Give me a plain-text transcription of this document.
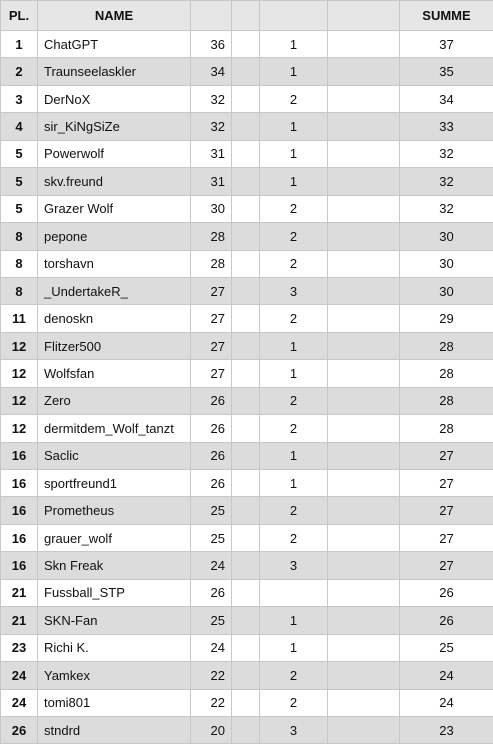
PL.	NAME					SUMME
1	ChatGPT	36		1		37
2	Traunseelaskler	34		1		35
3	DerNoX	32		2		34
4	sir_KiNgSiZe	32		1		33
5	Powerwolf	31		1		32
5	skv.freund	31		1		32
5	Grazer Wolf	30		2		32
8	pepone	28		2		30
8	torshavn	28		2		30
8	_UndertakeR_	27		3		30
11	denoskn	27		2		29
12	Flitzer500	27		1		28
12	Wolfsfan	27		1		28
12	Zero	26		2		28
12	dermitdem_Wolf_tanzt	26		2		28
16	Saclic	26		1		27
16	sportfreund1	26		1		27
16	Prometheus	25		2		27
16	grauer_wolf	25		2		27
16	Skn Freak	24		3		27
21	Fussball_STP	26				26
21	SKN-Fan	25		1		26
23	Richi K.	24		1		25
24	Yamkex	22		2		24
24	tomi801	22		2		24
26	stndrd	20		3		23
